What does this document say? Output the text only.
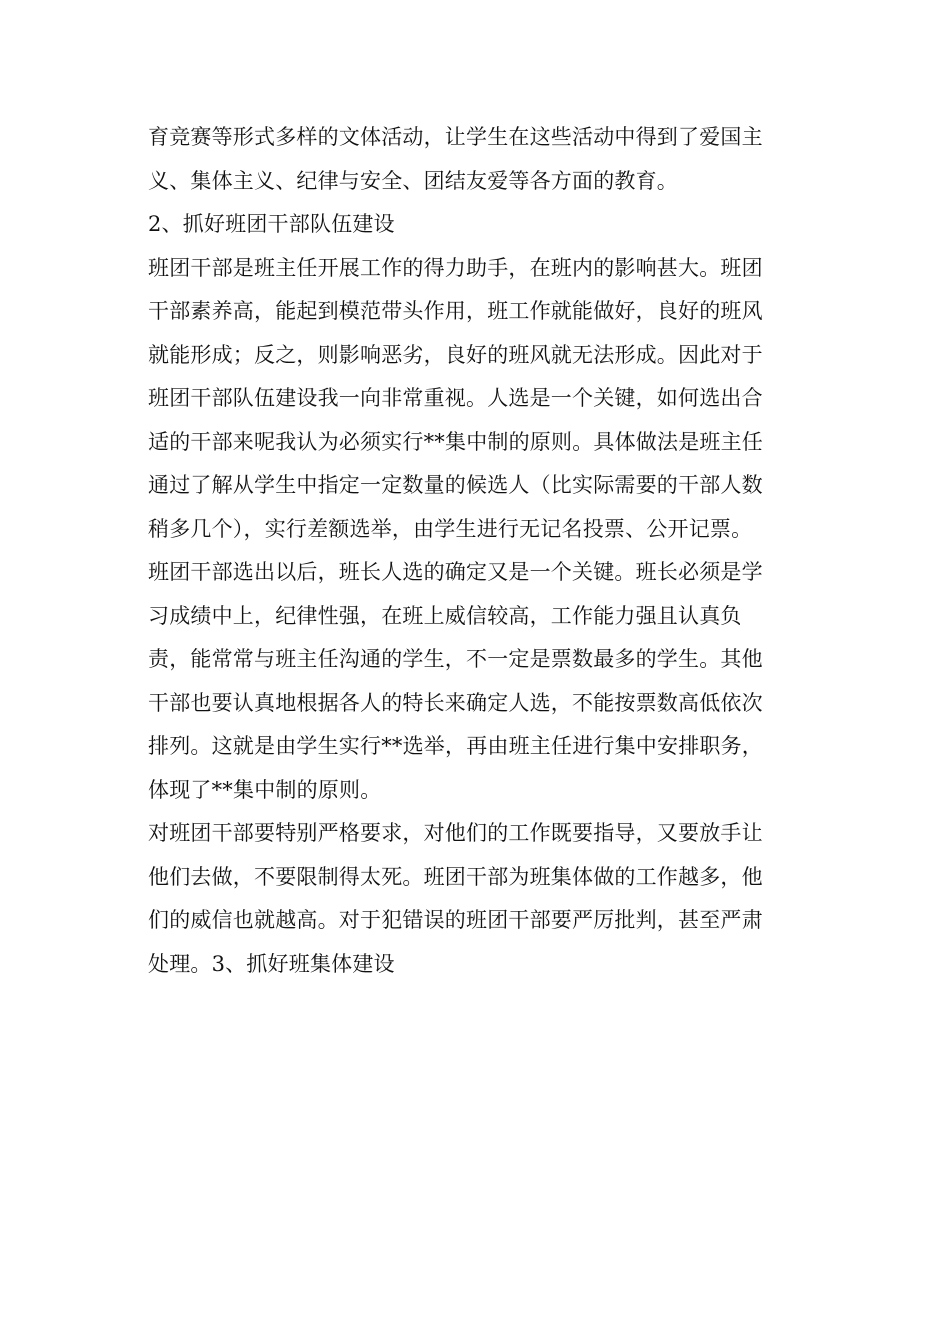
育竞赛等形式多样的文体活动，让学生在这些活动中得到了爱国主
义、集体主义、纪律与安全、团结友爱等各方面的教育。
2、抓好班团干部队伍建设
班团干部是班主任开展工作的得力助手，在班内的影响甚大。班团
干部素养高，能起到模范带头作用，班工作就能做好，良好的班风
就能形成；反之，则影响恶劣，良好的班风就无法形成。因此对于
班团干部队伍建设我一向非常重视。人选是一个关键，如何选出合
适的干部来呢我认为必须实行**集中制的原则。具体做法是班主任
通过了解从学生中指定一定数量的候选人（比实际需要的干部人数
稍多几个），实行差额选举，由学生进行无记名投票、公开记票。
班团干部选出以后，班长人选的确定又是一个关键。班长必须是学
习成绩中上，纪律性强，在班上威信较高，工作能力强且认真负
责，能常常与班主任沟通的学生，不一定是票数最多的学生。其他
干部也要认真地根据各人的特长来确定人选，不能按票数高低依次
排列。这就是由学生实行**选举，再由班主任进行集中安排职务，
体现了**集中制的原则。
对班团干部要特别严格要求，对他们的工作既要指导，又要放手让
他们去做，不要限制得太死。班团干部为班集体做的工作越多，他
们的威信也就越高。对于犯错误的班团干部要严厉批判，甚至严肃
处理。3、抓好班集体建设
